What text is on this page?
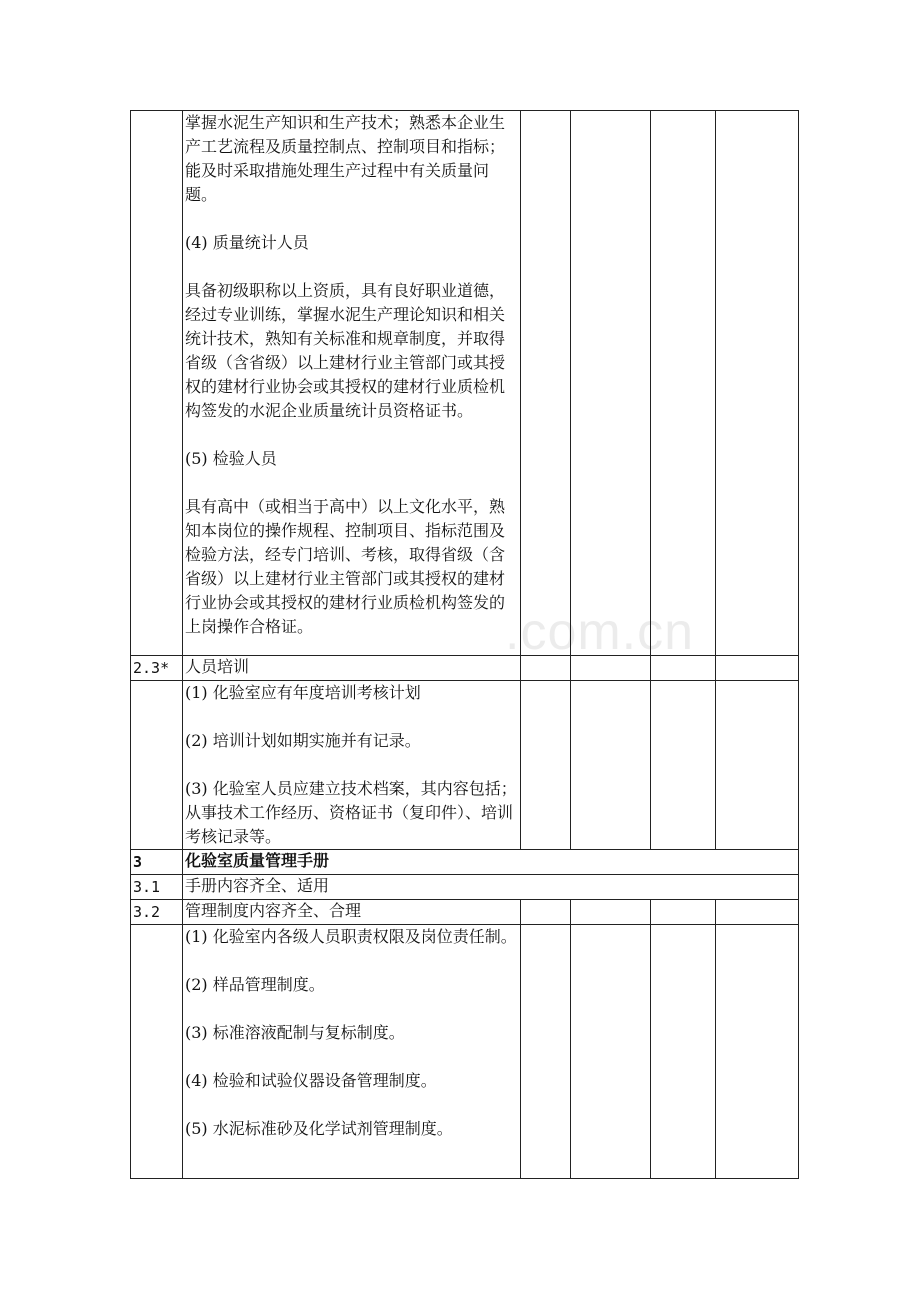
.com.cn

	掌握水泥生产知识和生产技术；熟悉本企业生产工艺流程及质量控制点、控制项目和指标；能及时采取措施处理生产过程中有关质量问题。

(4) 质量统计人员

具备初级职称以上资质，具有良好职业道德，经过专业训练，掌握水泥生产理论知识和相关统计技术，熟知有关标准和规章制度，并取得省级（含省级）以上建材行业主管部门或其授权的建材行业协会或其授权的建材行业质检机构签发的水泥企业质量统计员资格证书。

(5) 检验人员

具有高中（或相当于高中）以上文化水平，熟知本岗位的操作规程、控制项目、指标范围及检验方法，经专门培训、考核，取得省级（含省级）以上建材行业主管部门或其授权的建材行业协会或其授权的建材行业质检机构签发的上岗操作合格证。				

2.3*	人员培训				

	(1) 化验室应有年度培训考核计划

(2) 培训计划如期实施并有记录。

(3) 化验室人员应建立技术档案，其内容包括；从事技术工作经历、资格证书（复印件）、培训考核记录等。				

3	化验室质量管理手册				
3.1	手册内容齐全、适用				
3.2	管理制度内容齐全、合理				

	(1) 化验室内各级人员职责权限及岗位责任制。

(2) 样品管理制度。

(3) 标准溶液配制与复标制度。

(4) 检验和试验仪器设备管理制度。

(5) 水泥标准砂及化学试剂管理制度。				
